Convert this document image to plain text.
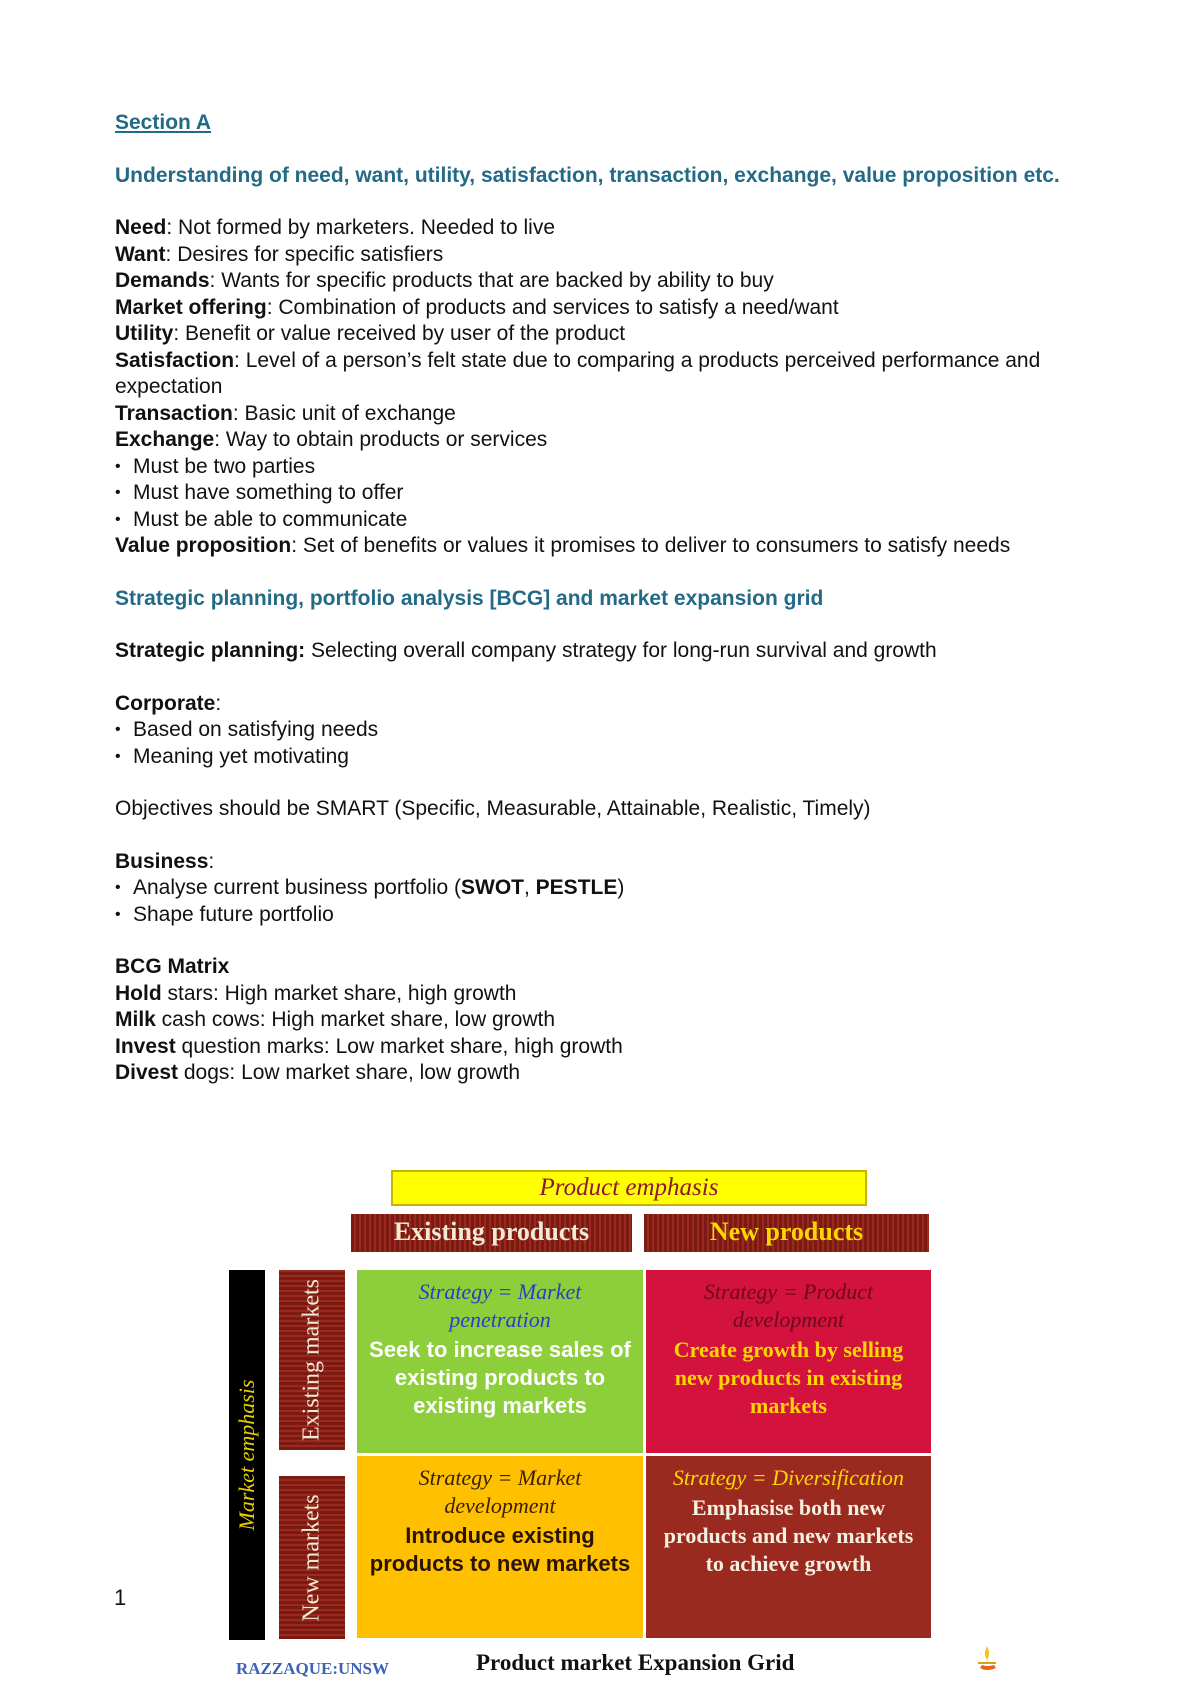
Section A

Understanding of need, want, utility, satisfaction, transaction, exchange, value proposition etc.

Need: Not formed by marketers. Needed to live

Want: Desires for specific satisfiers

Demands: Wants for specific products that are backed by ability to buy

Market offering: Combination of products and services to satisfy a need/want

Utility: Benefit or value received by user of the product

Satisfaction: Level of a person’s felt state due to comparing a products perceived performance and expectation

Transaction: Basic unit of exchange

Exchange: Way to obtain products or services

• Must be two parties

• Must have something to offer

• Must be able to communicate

Value proposition: Set of benefits or values it promises to deliver to consumers to satisfy needs

Strategic planning, portfolio analysis [BCG] and market expansion grid

Strategic planning: Selecting overall company strategy for long-run survival and growth

Corporate:

• Based on satisfying needs

• Meaning yet motivating

Objectives should be SMART (Specific, Measurable, Attainable, Realistic, Timely)

Business:

• Analyse current business portfolio (SWOT, PESTLE)

• Shape future portfolio

BCG Matrix

Hold stars: High market share, high growth

Milk cash cows: High market share, low growth

Invest question marks: Low market share, high growth

Divest dogs: Low market share, low growth

1
Product emphasis
Existing products	New products
Market emphasis
Existing markets
New markets
Strategy = Market penetration
Seek to increase sales of existing products to existing markets
Strategy = Product development
Create growth by selling new products in existing markets
Strategy = Market development
Introduce existing products to new markets
Strategy = Diversification
Emphasise both new products and new markets to achieve growth
RAZZAQUE:UNSW	Product market Expansion Grid
